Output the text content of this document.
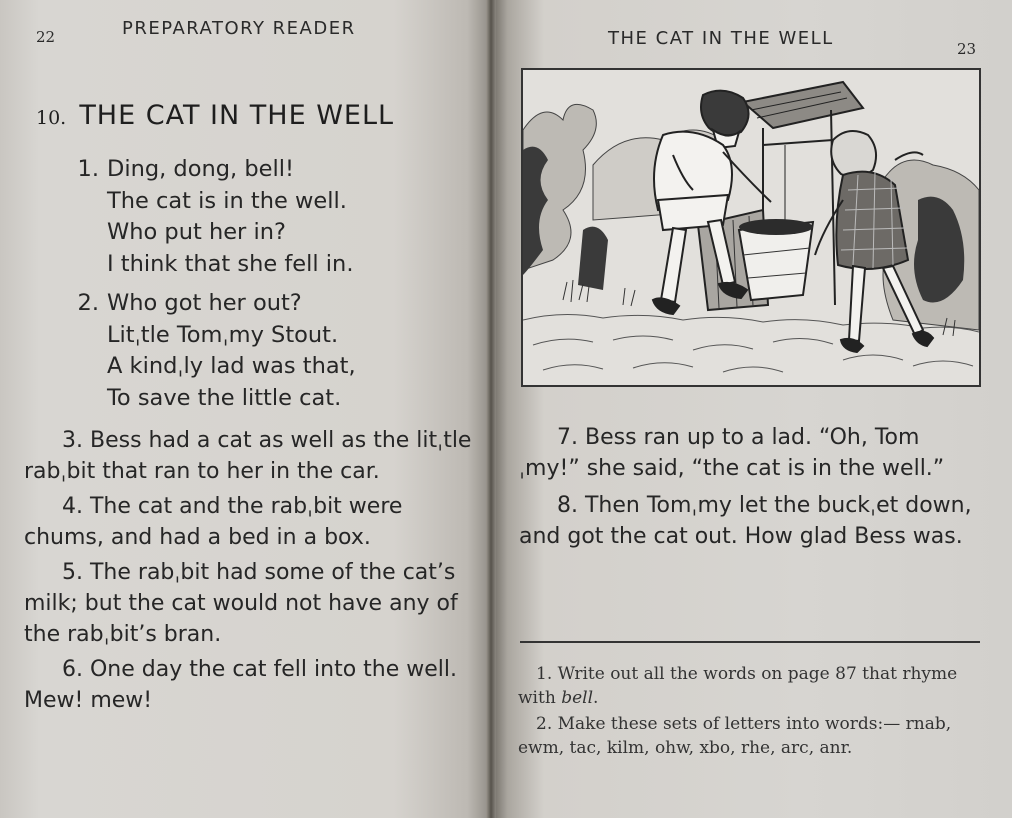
22	PREPARATORY READER
10. THE CAT IN THE WELL
1. Ding, dong, bell!
The cat is in the well.
Who put her in?
I think that she fell in.
2. Who got her out?
Litˌtle Tomˌmy Stout.
A kindˌly lad was that,
To save the little cat.

3. Bess had a cat as well as the litˌtle rabˌbit that ran to her in the car.

4. The cat and the rabˌbit were chums, and had a bed in a box.

5. The rabˌbit had some of the cat’s milk; but the cat would not have any of the rabˌbit’s bran.

6. One day the cat fell into the well. Mew! mew!

THE CAT IN THE WELL	23

7. Bess ran up to a lad. “Oh, Tomˌmy!” she said, “the cat is in the well.”

8. Then Tomˌmy let the buckˌet down, and got the cat out. How glad Bess was.

1. Write out all the words on page 87 that rhyme with bell.

2. Make these sets of letters into words:— rnab, ewm, tac, kilm, ohw, xbo, rhe, arc, anr.
